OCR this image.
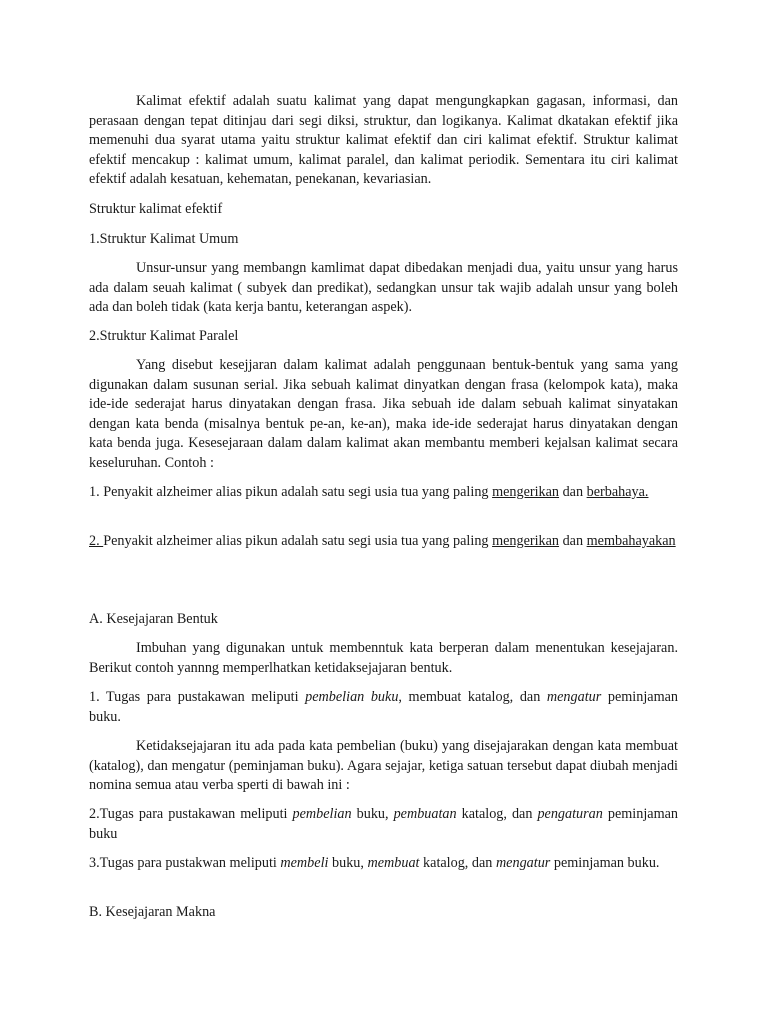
Kalimat efektif adalah suatu kalimat yang dapat mengungkapkan gagasan, informasi, dan perasaan dengan tepat ditinjau dari segi diksi, struktur, dan logikanya. Kalimat dkatakan efektif jika memenuhi dua syarat utama yaitu struktur kalimat efektif dan ciri kalimat efektif. Struktur kalimat efektif mencakup : kalimat umum, kalimat paralel, dan kalimat periodik. Sementara itu ciri kalimat efektif adalah kesatuan, kehematan, penekanan, kevariasian.

Struktur kalimat efektif

1.Struktur Kalimat Umum

Unsur-unsur yang membangn kamlimat dapat dibedakan menjadi dua, yaitu unsur yang harus ada dalam seuah kalimat ( subyek dan predikat), sedangkan unsur tak wajib adalah unsur yang boleh ada dan boleh tidak (kata kerja bantu, keterangan aspek).

2.Struktur Kalimat Paralel

Yang disebut kesejjaran dalam kalimat adalah penggunaan bentuk-bentuk yang sama yang digunakan dalam susunan serial. Jika sebuah kalimat dinyatkan dengan frasa (kelompok kata), maka ide-ide sederajat harus dinyatakan dengan frasa. Jika sebuah ide dalam sebuah kalimat sinyatakan dengan kata benda (misalnya bentuk pe-an, ke-an), maka ide-ide sederajat harus dinyatakan dengan kata benda juga. Kesesejaraan dalam dalam kalimat akan membantu memberi kejalsan kalimat secara keseluruhan. Contoh :

1. Penyakit alzheimer alias pikun adalah satu segi usia tua yang paling mengerikan dan berbahaya.

2. Penyakit alzheimer alias pikun adalah satu segi usia tua yang paling mengerikan dan membahayakan

A. Kesejajaran Bentuk

Imbuhan yang digunakan untuk membenntuk kata berperan dalam menentukan kesejajaran. Berikut contoh yannng memperlhatkan ketidaksejajaran bentuk.

1. Tugas para pustakawan meliputi pembelian buku, membuat katalog, dan mengatur peminjaman buku.

Ketidaksejajaran itu ada pada kata pembelian (buku) yang disejajarakan dengan kata membuat (katalog), dan mengatur (peminjaman buku). Agara sejajar, ketiga satuan tersebut dapat diubah menjadi nomina semua atau verba sperti di bawah ini :

2.Tugas para pustakawan meliputi pembelian buku, pembuatan katalog, dan pengaturan peminjaman buku

3.Tugas para pustakwan meliputi membeli buku, membuat katalog, dan mengatur peminjaman buku.

B. Kesejajaran Makna
